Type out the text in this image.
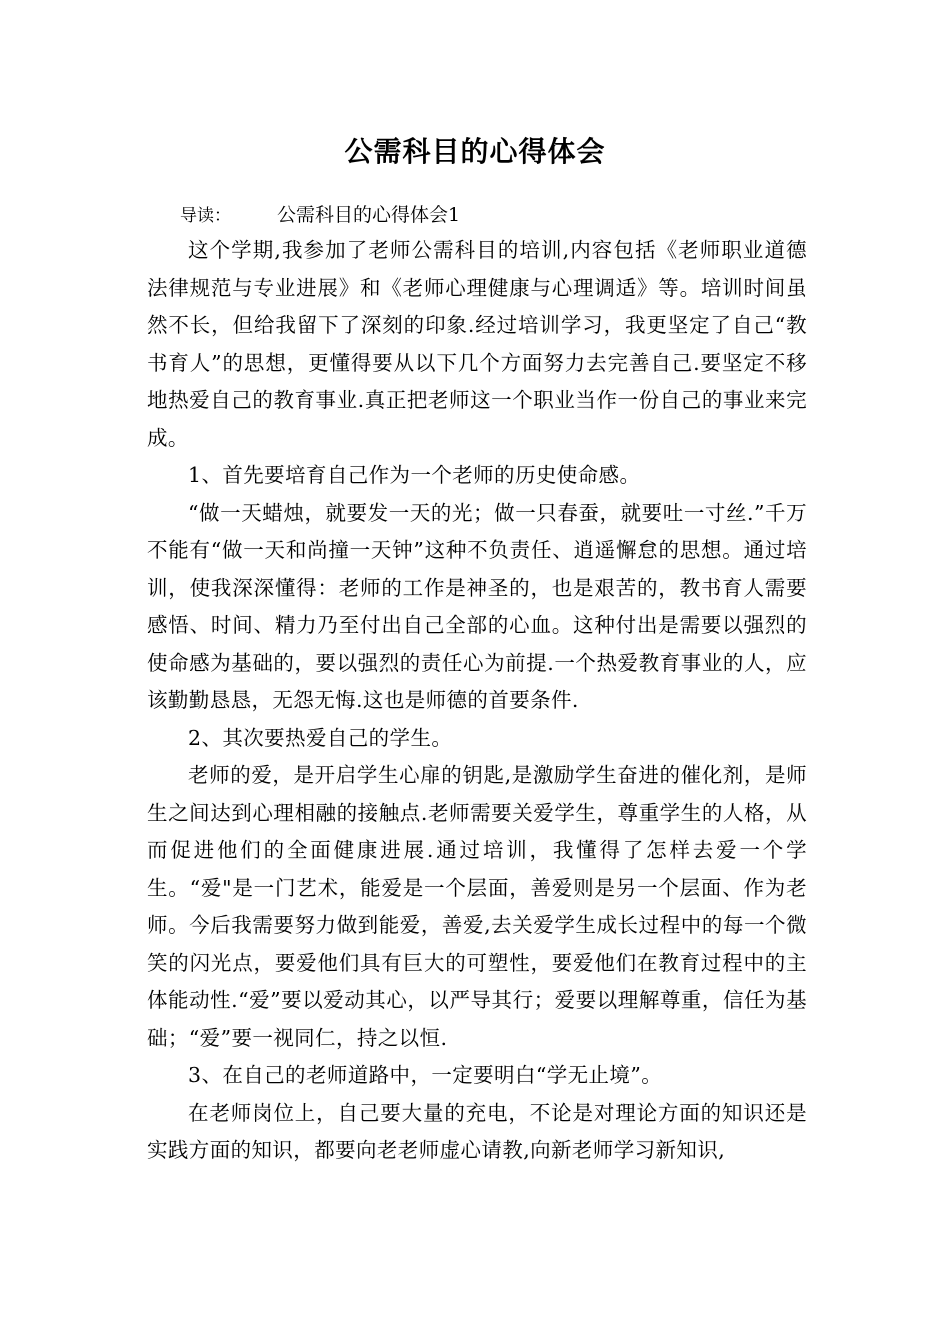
公需科目的心得体会
导读： 公需科目的心得体会1

这个学期,我参加了老师公需科目的培训,内容包括《老师职业道德法律规范与专业进展》和《老师心理健康与心理调适》等。培训时间虽然不长，但给我留下了深刻的印象.经过培训学习，我更坚定了自己“教书育人”的思想，更懂得要从以下几个方面努力去完善自己.要坚定不移地热爱自己的教育事业.真正把老师这一个职业当作一份自己的事业来完成。

1、首先要培育自己作为一个老师的历史使命感。

“做一天蜡烛，就要发一天的光；做一只春蚕，就要吐一寸丝.”千万不能有“做一天和尚撞一天钟”这种不负责任、逍遥懈怠的思想。通过培训，使我深深懂得：老师的工作是神圣的，也是艰苦的，教书育人需要感悟、时间、精力乃至付出自己全部的心血。这种付出是需要以强烈的使命感为基础的，要以强烈的责任心为前提.一个热爱教育事业的人，应该勤勤恳恳，无怨无悔.这也是师德的首要条件.

2、其次要热爱自己的学生。

老师的爱，是开启学生心扉的钥匙,是激励学生奋进的催化剂，是师生之间达到心理相融的接触点.老师需要关爱学生，尊重学生的人格，从而促进他们的全面健康进展.通过培训，我懂得了怎样去爱一个学生。“爱"是一门艺术，能爱是一个层面，善爱则是另一个层面、作为老师。今后我需要努力做到能爱，善爱,去关爱学生成长过程中的每一个微笑的闪光点，要爱他们具有巨大的可塑性，要爱他们在教育过程中的主体能动性.“爱”要以爱动其心，以严导其行；爱要以理解尊重，信任为基础；“爱”要一视同仁，持之以恒.

3、在自己的老师道路中，一定要明白“学无止境”。

在老师岗位上，自己要大量的充电，不论是对理论方面的知识还是实践方面的知识，都要向老老师虚心请教,向新老师学习新知识,
